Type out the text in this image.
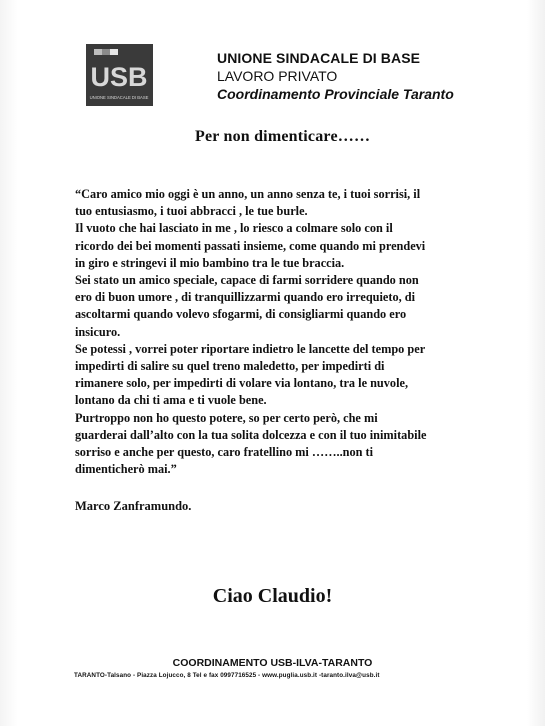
USB
UNIONE SINDACALE DI BASE
UNIONE SINDACALE DI BASE
LAVORO PRIVATO
Coordinamento Provinciale Taranto
Per non dimenticare……
“Caro amico mio oggi è un anno, un anno senza te, i tuoi sorrisi, il
tuo entusiasmo, i tuoi abbracci , le tue burle.
Il vuoto che hai lasciato in me , lo riesco a colmare solo con il
ricordo dei bei momenti passati insieme, come quando mi prendevi
in giro e stringevi il mio bambino tra le tue braccia.
Sei stato un amico speciale, capace di farmi sorridere quando non
ero di buon umore , di tranquillizzarmi quando ero irrequieto, di
ascoltarmi quando volevo sfogarmi, di consigliarmi quando ero
insicuro.
Se potessi , vorrei poter riportare indietro le lancette del tempo per
impedirti di salire su quel treno maledetto, per impedirti di
rimanere solo, per impedirti di volare via lontano, tra le nuvole,
lontano da chi ti ama e ti vuole bene.
Purtroppo non ho questo potere, so per certo però, che mi
guarderai dall’alto con la tua solita dolcezza e con il tuo inimitabile
sorriso e anche per questo, caro fratellino mi ……..non ti
dimenticherò mai.”
Marco Zanframundo.
Ciao Claudio!
COORDINAMENTO USB-ILVA-TARANTO
TARANTO-Talsano - Piazza Lojucco, 8 Tel e fax 0997716525 - www.puglia.usb.it -taranto.ilva@usb.it
